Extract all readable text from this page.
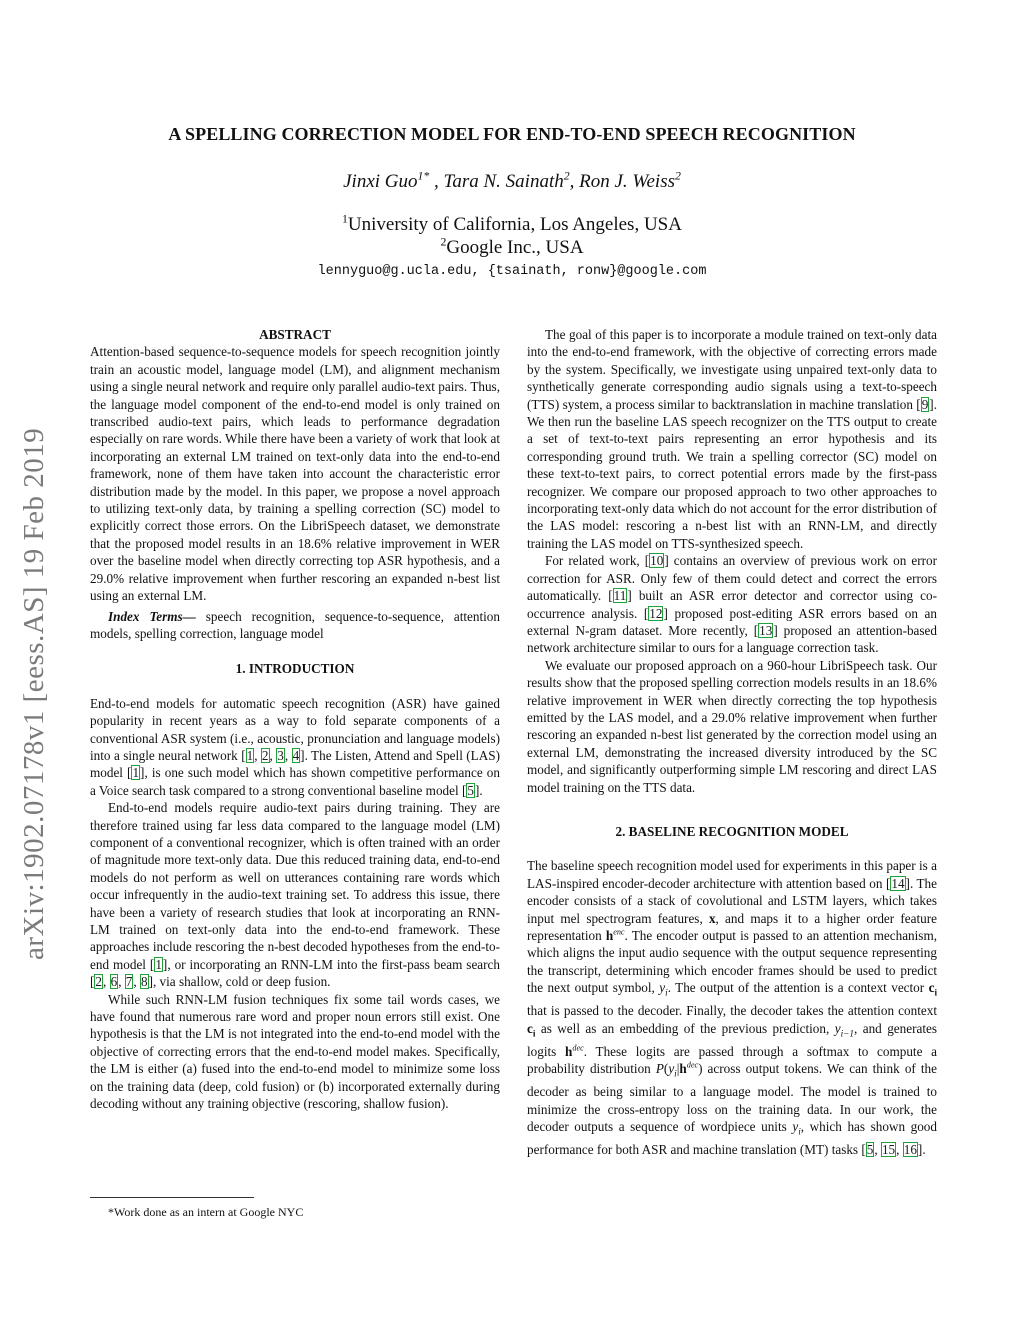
arXiv:1902.07178v1 [eess.AS] 19 Feb 2019
A SPELLING CORRECTION MODEL FOR END-TO-END SPEECH RECOGNITION
Jinxi Guo$^{1*}$ , Tara N. Sainath$^2$, Ron J. Weiss$^2$
$^1$University of California, Los Angeles, USA
$^2$Google Inc., USA
lennyguo@g.ucla.edu, {tsainath, ronw}@google.com

ABSTRACT

Attention-based sequence-to-sequence models for speech recognition jointly train an acoustic model, language model (LM), and alignment mechanism using a single neural network and require only parallel audio-text pairs. Thus, the language model component of the end-to-end model is only trained on transcribed audio-text pairs, which leads to performance degradation especially on rare words. While there have been a variety of work that look at incorporating an external LM trained on text-only data into the end-to-end framework, none of them have taken into account the characteristic error distribution made by the model. In this paper, we propose a novel approach to utilizing text-only data, by training a spelling correction (SC) model to explicitly correct those errors. On the LibriSpeech dataset, we demonstrate that the proposed model results in an 18.6% relative improvement in WER over the baseline model when directly correcting top ASR hypothesis, and a 29.0% relative improvement when further rescoring an expanded n-best list using an external LM.

Index Terms— speech recognition, sequence-to-sequence, attention models, spelling correction, language model

1. INTRODUCTION

End-to-end models for automatic speech recognition (ASR) have gained popularity in recent years as a way to fold separate components of a conventional ASR system (i.e., acoustic, pronunciation and language models) into a single neural network [1, 2, 3, 4]. The Listen, Attend and Spell (LAS) model [1], is one such model which has shown competitive performance on a Voice search task compared to a strong conventional baseline model [5].

End-to-end models require audio-text pairs during training. They are therefore trained using far less data compared to the language model (LM) component of a conventional recognizer, which is often trained with an order of magnitude more text-only data. Due this reduced training data, end-to-end models do not perform as well on utterances containing rare words which occur infrequently in the audio-text training set. To address this issue, there have been a variety of research studies that look at incorporating an RNN-LM trained on text-only data into the end-to-end framework. These approaches include rescoring the n-best decoded hypotheses from the end-to-end model [1], or incorporating an RNN-LM into the first-pass beam search [2, 6, 7, 8], via shallow, cold or deep fusion.

While such RNN-LM fusion techniques fix some tail words cases, we have found that numerous rare word and proper noun errors still exist. One hypothesis is that the LM is not integrated into the end-to-end model with the objective of correcting errors that the end-to-end model makes. Specifically, the LM is either (a) fused into the end-to-end model to minimize some loss on the training data (deep, cold fusion) or (b) incorporated externally during decoding without any training objective (rescoring, shallow fusion).

*Work done as an intern at Google NYC

The goal of this paper is to incorporate a module trained on text-only data into the end-to-end framework, with the objective of correcting errors made by the system. Specifically, we investigate using unpaired text-only data to synthetically generate corresponding audio signals using a text-to-speech (TTS) system, a process similar to backtranslation in machine translation [9]. We then run the baseline LAS speech recognizer on the TTS output to create a set of text-to-text pairs representing an error hypothesis and its corresponding ground truth. We train a spelling corrector (SC) model on these text-to-text pairs, to correct potential errors made by the first-pass recognizer. We compare our proposed approach to two other approaches to incorporating text-only data which do not account for the error distribution of the LAS model: rescoring a n-best list with an RNN-LM, and directly training the LAS model on TTS-synthesized speech.

For related work, [10] contains an overview of previous work on error correction for ASR. Only few of them could detect and correct the errors automatically. [11] built an ASR error detector and corrector using co-occurrence analysis. [12] proposed post-editing ASR errors based on an external N-gram dataset. More recently, [13] proposed an attention-based network architecture similar to ours for a language correction task.

We evaluate our proposed approach on a 960-hour LibriSpeech task. Our results show that the proposed spelling correction models results in an 18.6% relative improvement in WER when directly correcting the top hypothesis emitted by the LAS model, and a 29.0% relative improvement when further rescoring an expanded n-best list generated by the correction model using an external LM, demonstrating the increased diversity introduced by the SC model, and significantly outperforming simple LM rescoring and direct LAS model training on the TTS data.

2. BASELINE RECOGNITION MODEL

The baseline speech recognition model used for experiments in this paper is a LAS-inspired encoder-decoder architecture with attention based on [14]. The encoder consists of a stack of covolutional and LSTM layers, which takes input mel spectrogram features, x, and maps it to a higher order feature representation $h^{enc}$. The encoder output is passed to an attention mechanism, which aligns the input audio sequence with the output sequence representing the transcript, determining which encoder frames should be used to predict the next output symbol, $y_i$. The output of the attention is a context vector $c_i$ that is passed to the decoder. Finally, the decoder takes the attention context $c_i$ as well as an embedding of the previous prediction, $y_{i-1}$, and generates logits $h^{dec}$. These logits are passed through a softmax to compute a probability distribution $P(y_i|h^{dec})$ across output tokens. We can think of the decoder as being similar to a language model. The model is trained to minimize the cross-entropy loss on the training data. In our work, the decoder outputs a sequence of wordpiece units $y_i$, which has shown good performance for both ASR and machine translation (MT) tasks [5, 15, 16].
